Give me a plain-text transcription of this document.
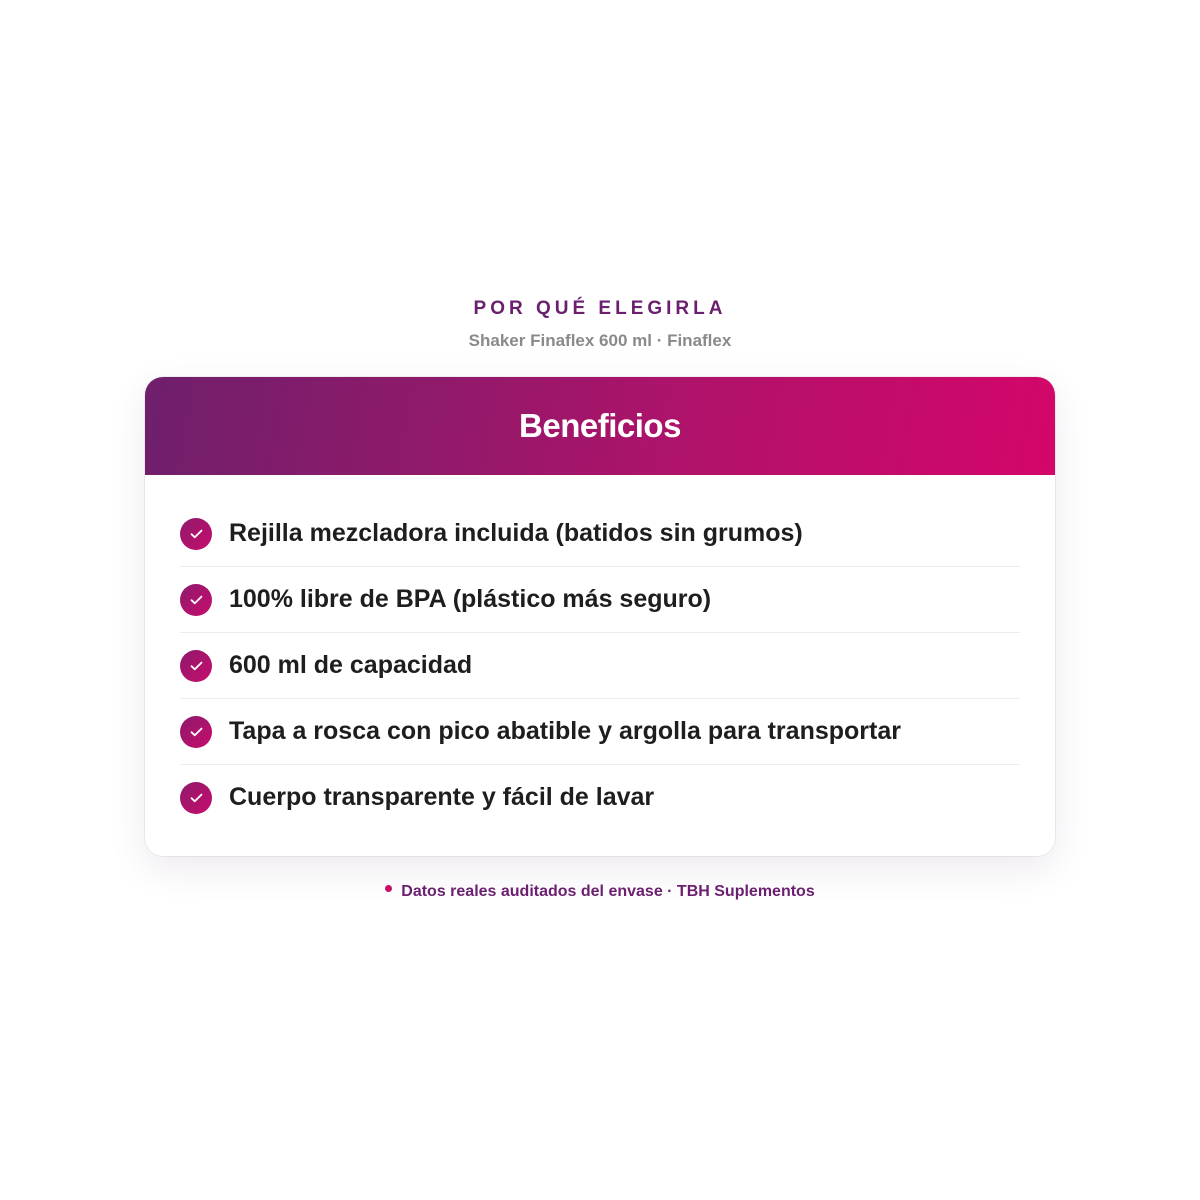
POR QUÉ ELEGIRLA
Shaker Finaflex 600 ml · Finaflex
Beneficios
Rejilla mezcladora incluida (batidos sin grumos)
100% libre de BPA (plástico más seguro)
600 ml de capacidad
Tapa a rosca con pico abatible y argolla para transportar
Cuerpo transparente y fácil de lavar
Datos reales auditados del envase · TBH Suplementos
